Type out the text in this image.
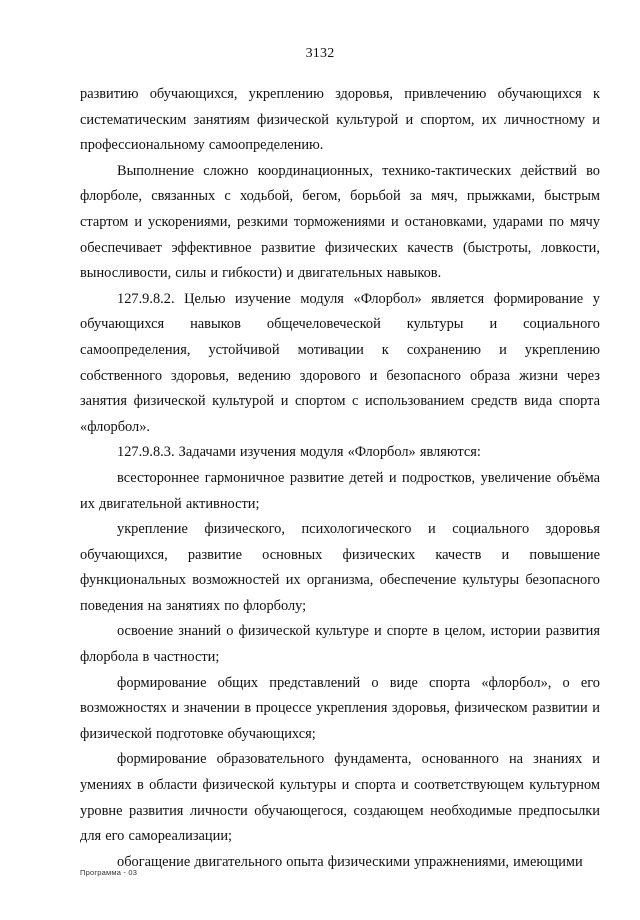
3132

развитию обучающихся, укреплению здоровья, привлечению обучающихся к систематическим занятиям физической культурой и спортом, их личностному и профессиональному самоопределению.

Выполнение сложно координационных, технико-тактических действий во флорболе, связанных с ходьбой, бегом, борьбой за мяч, прыжками, быстрым стартом и ускорениями, резкими торможениями и остановками, ударами по мячу обеспечивает эффективное развитие физических качеств (быстроты, ловкости, выносливости, силы и гибкости) и двигательных навыков.

127.9.8.2. Целью изучение модуля «Флорбол» является формирование у обучающихся навыков общечеловеческой культуры и социального самоопределения, устойчивой мотивации к сохранению и укреплению собственного здоровья, ведению здорового и безопасного образа жизни через занятия физической культурой и спортом с использованием средств вида спорта «флорбол».

127.9.8.3. Задачами изучения модуля «Флорбол» являются:

всестороннее гармоничное развитие детей и подростков, увеличение объёма их двигательной активности;

укрепление физического, психологического и социального здоровья обучающихся, развитие основных физических качеств и повышение функциональных возможностей их организма, обеспечение культуры безопасного поведения на занятиях по флорболу;

освоение знаний о физической культуре и спорте в целом, истории развития флорбола в частности;

формирование общих представлений о виде спорта «флорбол», о его возможностях и значении в процессе укрепления здоровья, физическом развитии и физической подготовке обучающихся;

формирование образовательного фундамента, основанного на знаниях и умениях в области физической культуры и спорта и соответствующем культурном уровне развития личности обучающегося, создающем необходимые предпосылки для его самореализации;

обогащение двигательного опыта физическими упражнениями, имеющими

Программа - 03
